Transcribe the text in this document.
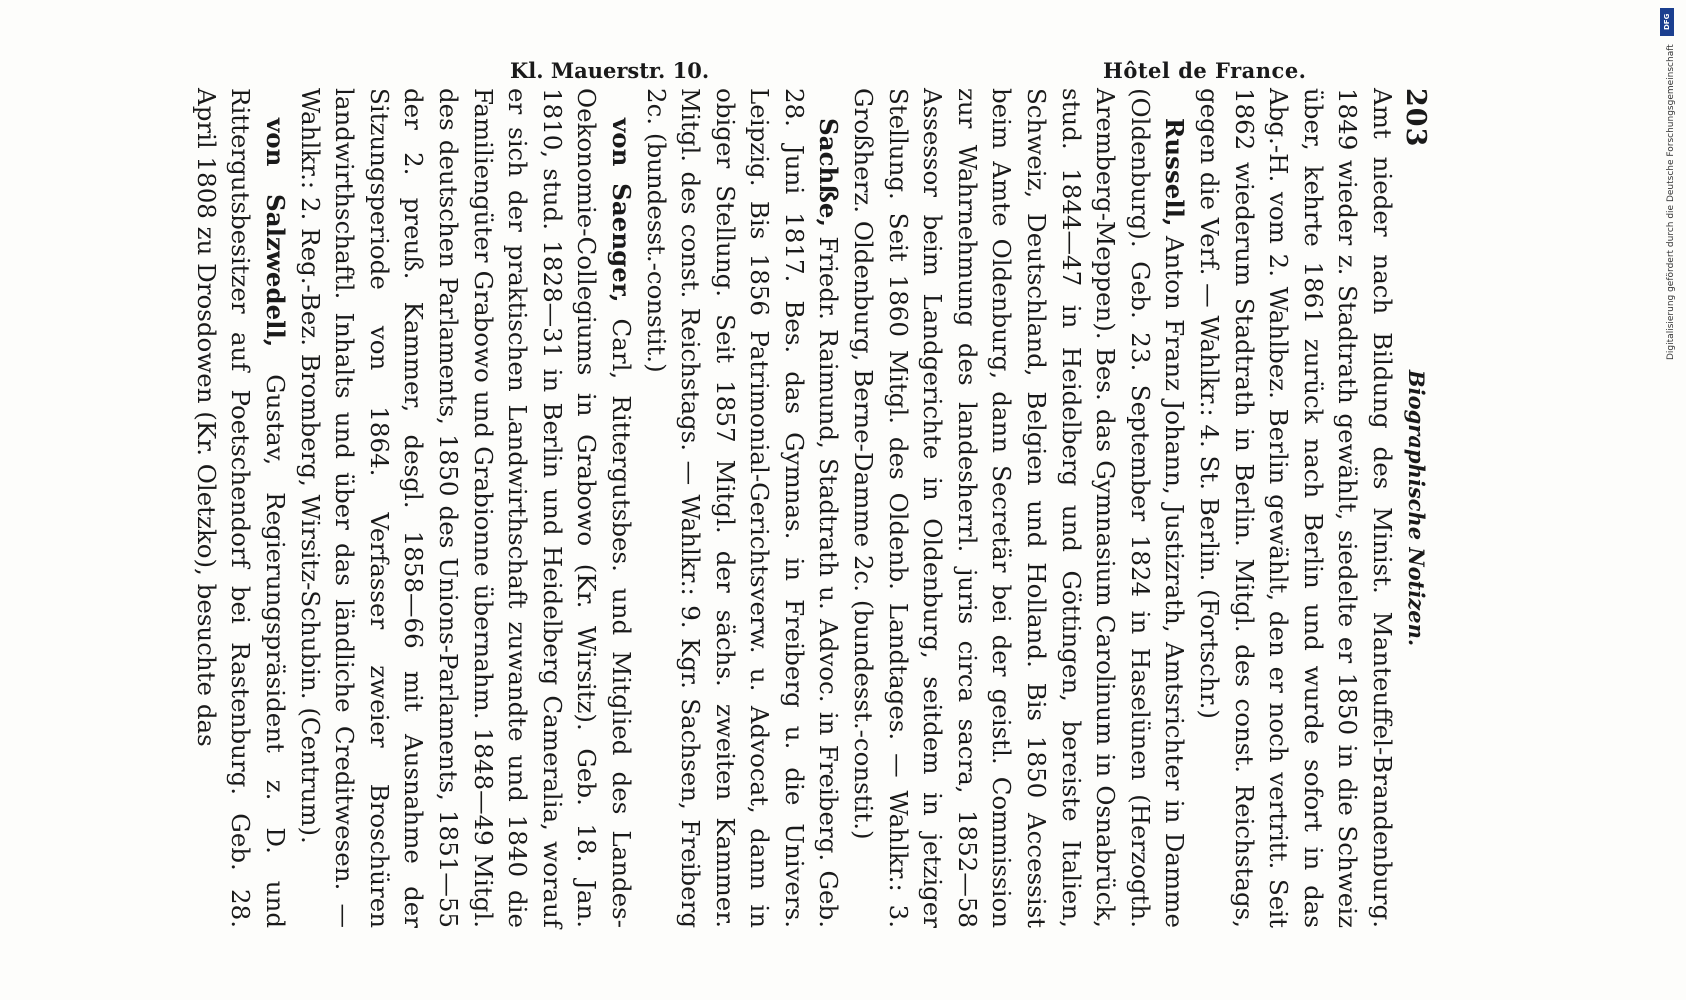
Kl. Mauerstr. 10.	Hôtel de France.
203
Biographische Notizen.

Amt nieder nach Bildung des Minist. Manteuffel-Brandenburg. 1849 wieder z. Stadtrath gewählt, siedelte er 1850 in die Schweiz über, kehrte 1861 zurück nach Berlin und wurde sofort in das Abg.-H. vom 2. Wahlbez. Berlin gewählt, den er noch vertritt. Seit 1862 wiederum Stadtrath in Berlin. Mitgl. des const. Reichstags, gegen die Verf. — Wahlkr.: 4. St. Berlin. (Fortschr.)

Russell, Anton Franz Johann, Justizrath, Amtsrichter in Damme (Oldenburg). Geb. 23. September 1824 in Haselünen (Herzogth. Aremberg-Meppen). Bes. das Gymnasium Carolinum in Osnabrück, stud. 1844—47 in Heidelberg und Göttingen, bereiste Italien, Schweiz, Deutschland, Belgien und Holland. Bis 1850 Accessist beim Amte Oldenburg, dann Secretär bei der geistl. Commission zur Wahrnehmung des landesherrl. juris circa sacra, 1852—58 Assessor beim Landgerichte in Oldenburg, seitdem in jetziger Stellung. Seit 1860 Mitgl. des Oldenb. Landtages. — Wahlkr.: 3. Großherz. Oldenburg, Berne-Damme 2c. (bundesst.-constit.)

Sachße, Friedr. Raimund, Stadtrath u. Advoc. in Freiberg. Geb. 28. Juni 1817. Bes. das Gymnas. in Freiberg u. die Univers. Leipzig. Bis 1856 Patrimonial-Gerichtsverw. u. Advocat, dann in obiger Stellung. Seit 1857 Mitgl. der sächs. zweiten Kammer. Mitgl. des const. Reichstags. — Wahlkr.: 9. Kgr. Sachsen, Freiberg 2c. (bundesst.-constit.)

von Saenger, Carl, Rittergutsbes. und Mitglied des Landes-Oekonomie-Collegiums in Grabowo (Kr. Wirsitz). Geb. 18. Jan. 1810, stud. 1828—31 in Berlin und Heidelberg Cameralia, worauf er sich der praktischen Landwirthschaft zuwandte und 1840 die Familiengüter Grabowo und Grabionne übernahm. 1848—49 Mitgl. des deutschen Parlaments, 1850 des Unions-Parlaments, 1851—55 der 2. preuß. Kammer, desgl. 1858—66 mit Ausnahme der Sitzungsperiode von 1864. Verfasser zweier Broschüren landwirthschaftl. Inhalts und über das ländliche Creditwesen. — Wahlkr.: 2. Reg.-Bez. Bromberg, Wirsitz-Schubin. (Centrum).

von Salzwedell, Gustav, Regierungspräsident z. D. und Rittergutsbesitzer auf Poetschendorf bei Rastenburg. Geb. 28. April 1808 zu Drosdowen (Kr. Oletzko), besuchte das

DFG
Digitalisierung gefördert durch die Deutsche Forschungsgemeinschaft
